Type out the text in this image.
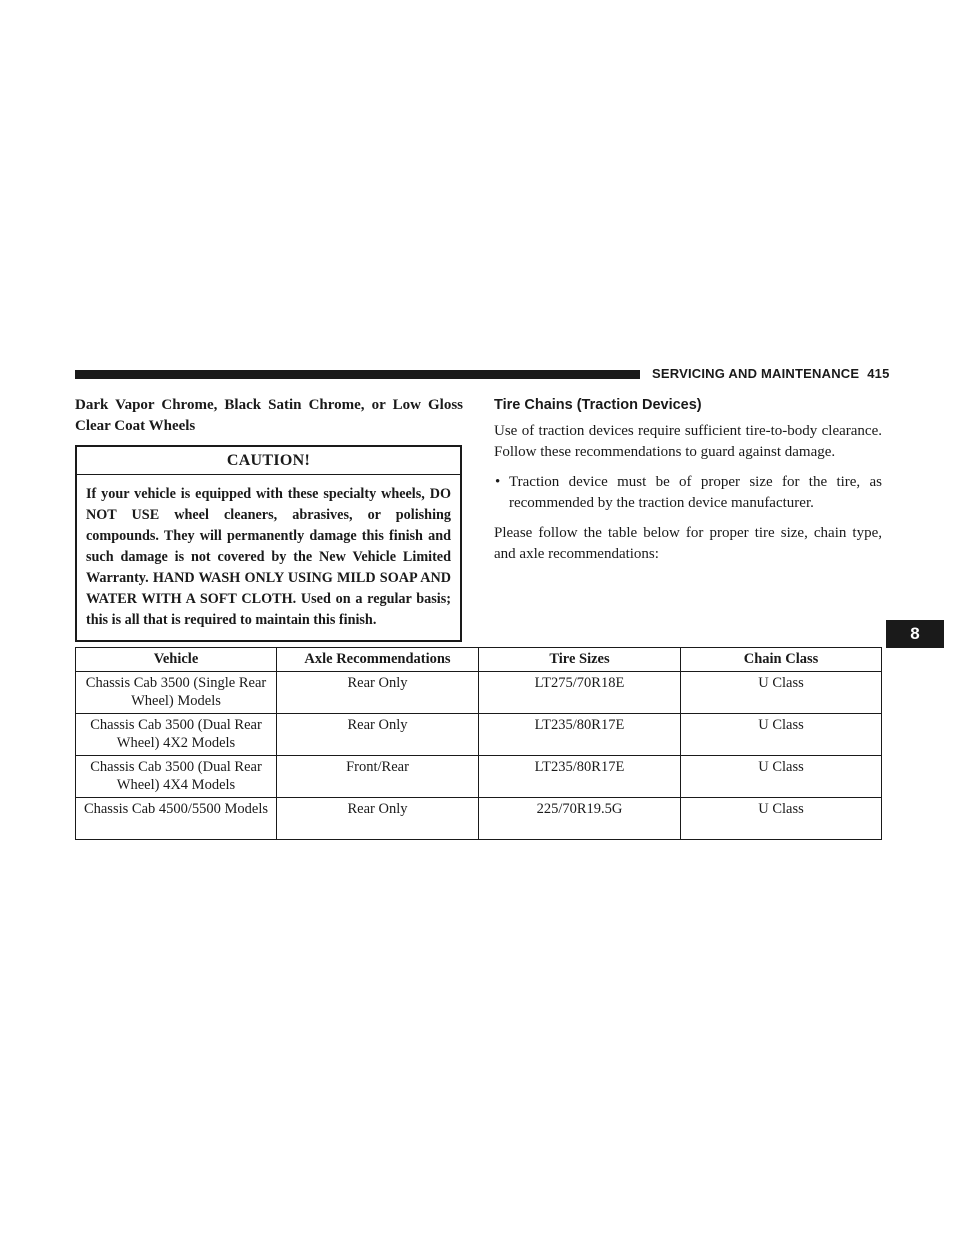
SERVICING AND MAINTENANCE 415
8
Dark Vapor Chrome, Black Satin Chrome, or Low Gloss Clear Coat Wheels
CAUTION!
If your vehicle is equipped with these specialty wheels, DO NOT USE wheel cleaners, abrasives, or polishing compounds. They will permanently damage this finish and such damage is not covered by the New Vehicle Limited Warranty. HAND WASH ONLY USING MILD SOAP AND WATER WITH A SOFT CLOTH. Used on a regular basis; this is all that is required to maintain this finish.
Tire Chains (Traction Devices)

Use of traction devices require sufficient tire-to-body clearance. Follow these recommendations to guard against damage.

• Traction device must be of proper size for the tire, as recommended by the traction device manufacturer.

Please follow the table below for proper tire size, chain type, and axle recommendations:

Vehicle	Axle Recommendations	Tire Sizes	Chain Class
Chassis Cab 3500 (Single Rear Wheel) Models	Rear Only	LT275/70R18E	U Class
Chassis Cab 3500 (Dual Rear Wheel) 4X2 Models	Rear Only	LT235/80R17E	U Class
Chassis Cab 3500 (Dual Rear Wheel) 4X4 Models	Front/Rear	LT235/80R17E	U Class
Chassis Cab 4500/5500 Models	Rear Only	225/70R19.5G	U Class
